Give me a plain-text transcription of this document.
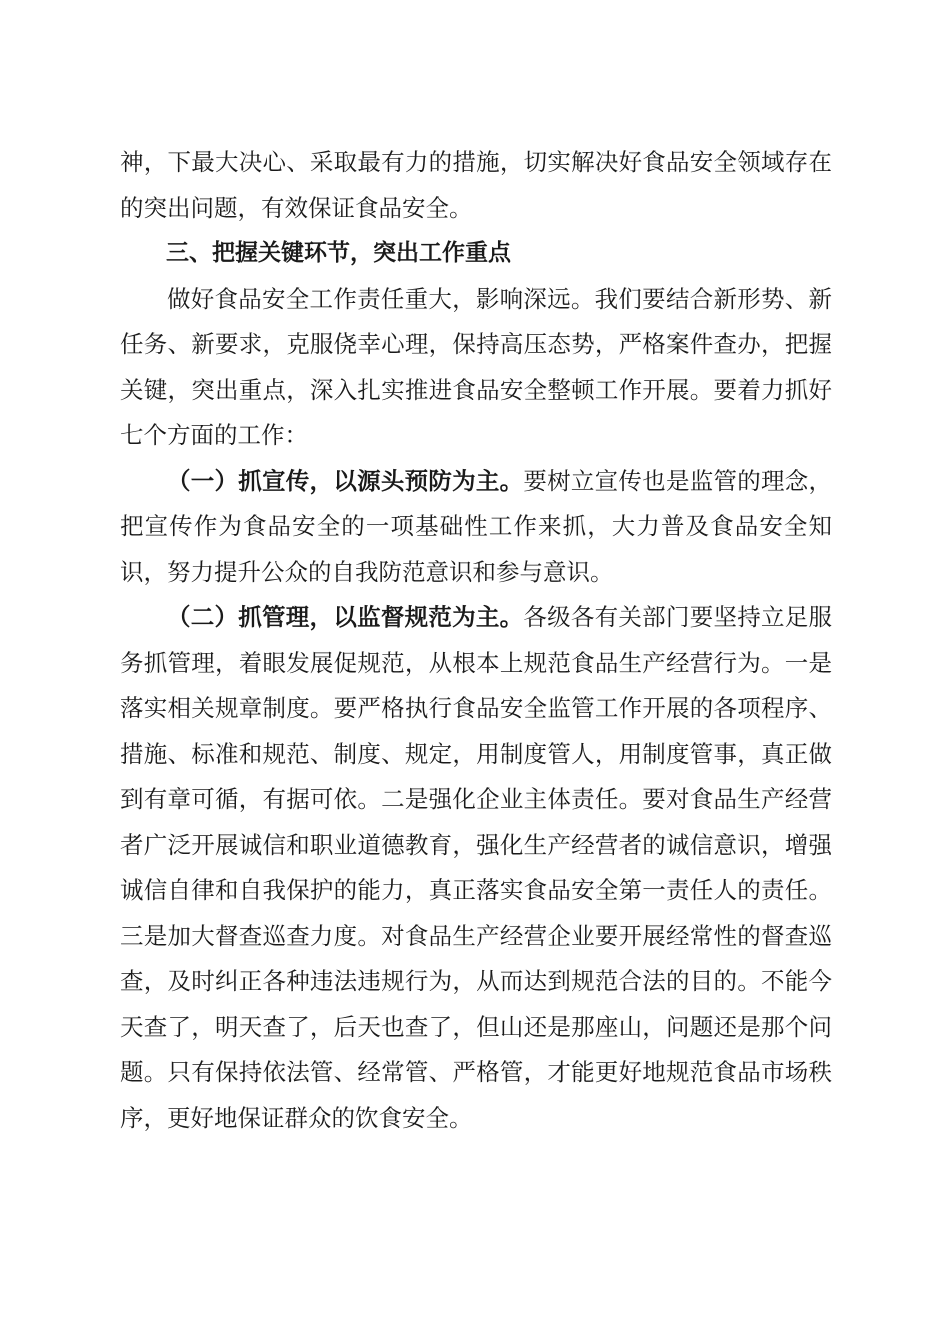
神，下最大决心、采取最有力的措施，切实解决好食品安全领域存在的突出问题，有效保证食品安全。

三、把握关键环节，突出工作重点

做好食品安全工作责任重大，影响深远。我们要结合新形势、新任务、新要求，克服侥幸心理，保持高压态势，严格案件查办，把握关键，突出重点，深入扎实推进食品安全整顿工作开展。要着力抓好七个方面的工作：

（一）抓宣传，以源头预防为主。要树立宣传也是监管的理念，把宣传作为食品安全的一项基础性工作来抓，大力普及食品安全知识，努力提升公众的自我防范意识和参与意识。

（二）抓管理，以监督规范为主。各级各有关部门要坚持立足服务抓管理，着眼发展促规范，从根本上规范食品生产经营行为。一是落实相关规章制度。要严格执行食品安全监管工作开展的各项程序、措施、标准和规范、制度、规定，用制度管人，用制度管事，真正做到有章可循，有据可依。二是强化企业主体责任。要对食品生产经营者广泛开展诚信和职业道德教育，强化生产经营者的诚信意识，增强诚信自律和自我保护的能力，真正落实食品安全第一责任人的责任。三是加大督查巡查力度。对食品生产经营企业要开展经常性的督查巡查，及时纠正各种违法违规行为，从而达到规范合法的目的。不能今天查了，明天查了，后天也查了，但山还是那座山，问题还是那个问题。只有保持依法管、经常管、严格管，才能更好地规范食品市场秩序，更好地保证群众的饮食安全。
